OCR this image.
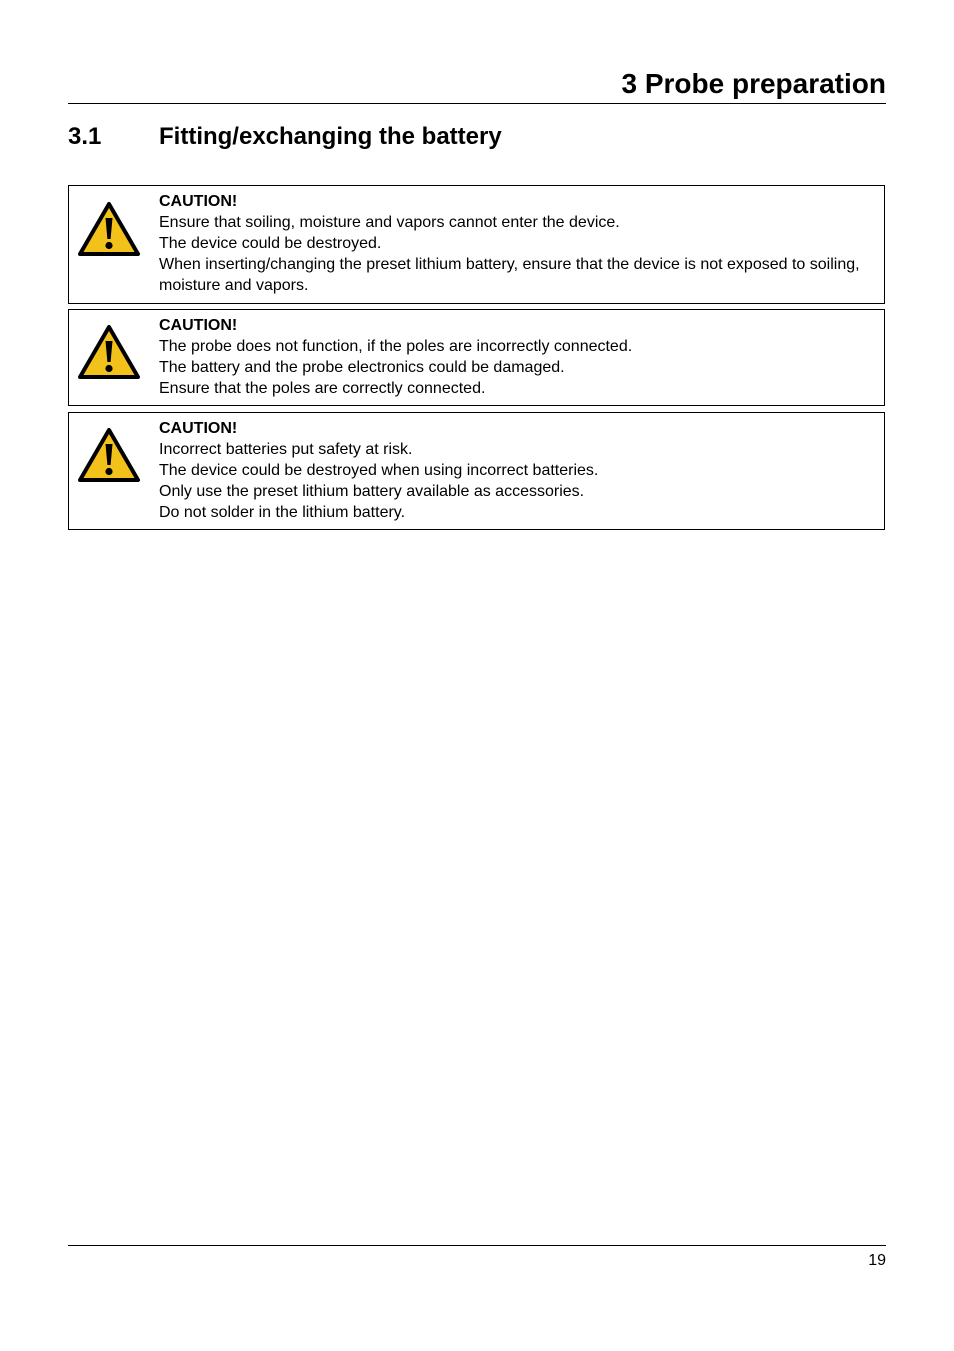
3 Probe preparation
3.1	Fitting/exchanging the battery
CAUTION!
Ensure that soiling, moisture and vapors cannot enter the device.
The device could be destroyed.
When inserting/changing the preset lithium battery, ensure that the device is not exposed to soiling, moisture and vapors.
CAUTION!
The probe does not function, if the poles are incorrectly connected.
The battery and the probe electronics could be damaged.
Ensure that the poles are correctly connected.
CAUTION!
Incorrect batteries put safety at risk.
The device could be destroyed when using incorrect batteries.
Only use the preset lithium battery available as accessories.
Do not solder in the lithium battery.
19
